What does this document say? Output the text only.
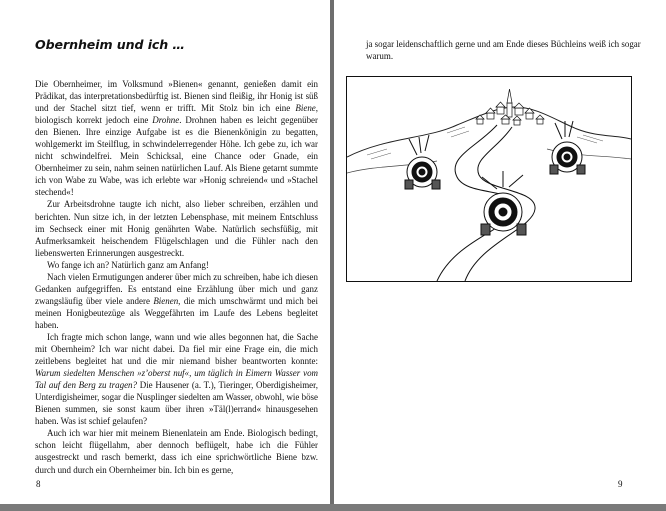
Obernheim und ich …

Die Obernheimer, im Volksmund »Bienen« genannt, genießen damit ein Prädikat, das interpretationsbedürftig ist. Bienen sind fleißig, ihr Honig ist süß und der Stachel sitzt tief, wenn er trifft. Mit Stolz bin ich eine Biene, biologisch korrekt jedoch eine Drohne. Drohnen haben es leicht gegenüber den Bienen. Ihre einzige Aufgabe ist es die Bienenkönigin zu begatten, wohlgemerkt im Steilflug, in schwindelerregender Höhe. Ich gebe zu, ich war nicht schwindelfrei. Mein Schicksal, eine Chance oder Gnade, ein Obernheimer zu sein, nahm seinen natürlichen Lauf. Als Biene getarnt summte ich von Wabe zu Wabe, was ich erlebte war »Honig schreiend« und »Stachel stechend«!

Zur Arbeitsdrohne taugte ich nicht, also lieber schreiben, erzählen und berichten. Nun sitze ich, in der letzten Lebensphase, mit meinem Entschluss im Sechseck einer mit Honig genährten Wabe. Natürlich sechsfüßig, mit Aufmerksamkeit heischendem Flügelschlagen und die Fühler nach den liebenswerten Erinnerungen ausgestreckt.

Wo fange ich an? Natürlich ganz am Anfang!

Nach vielen Ermutigungen anderer über mich zu schreiben, habe ich diesen Gedanken aufgegriffen. Es entstand eine Erzählung über mich und ganz zwangsläufig über viele andere Bienen, die mich umschwärmt und mich bei meinen Honigbeutezüge als Weggefährten im Laufe des Lebens begleitet haben.

Ich fragte mich schon lange, wann und wie alles begonnen hat, die Sache mit Obernheim? Ich war nicht dabei. Da fiel mir eine Frage ein, die mich zeitlebens begleitet hat und die mir niemand bisher beantworten konnte: Warum siedelten Menschen »z’oberst nuf«, um täglich in Eimern Wasser vom Tal auf den Berg zu tragen? Die Hausener (a. T.), Tieringer, Oberdigisheimer, Unterdigisheimer, sogar die Nusplinger siedelten am Wasser, obwohl, wie böse Bienen summen, sie sonst kaum über ihren »Täl(l)errand« hinausgesehen haben. Was ist schief gelaufen?

Auch ich war hier mit meinem Bienenlatein am Ende. Biologisch bedingt, schon leicht flügellahm, aber dennoch beflügelt, habe ich die Fühler ausgestreckt und rasch bemerkt, dass ich eine sprichwörtliche Biene bzw. durch und durch ein Obernheimer bin. Ich bin es gerne,

8

ja sogar leidenschaftlich gerne und am Ende dieses Büchleins weiß ich sogar warum.

9
